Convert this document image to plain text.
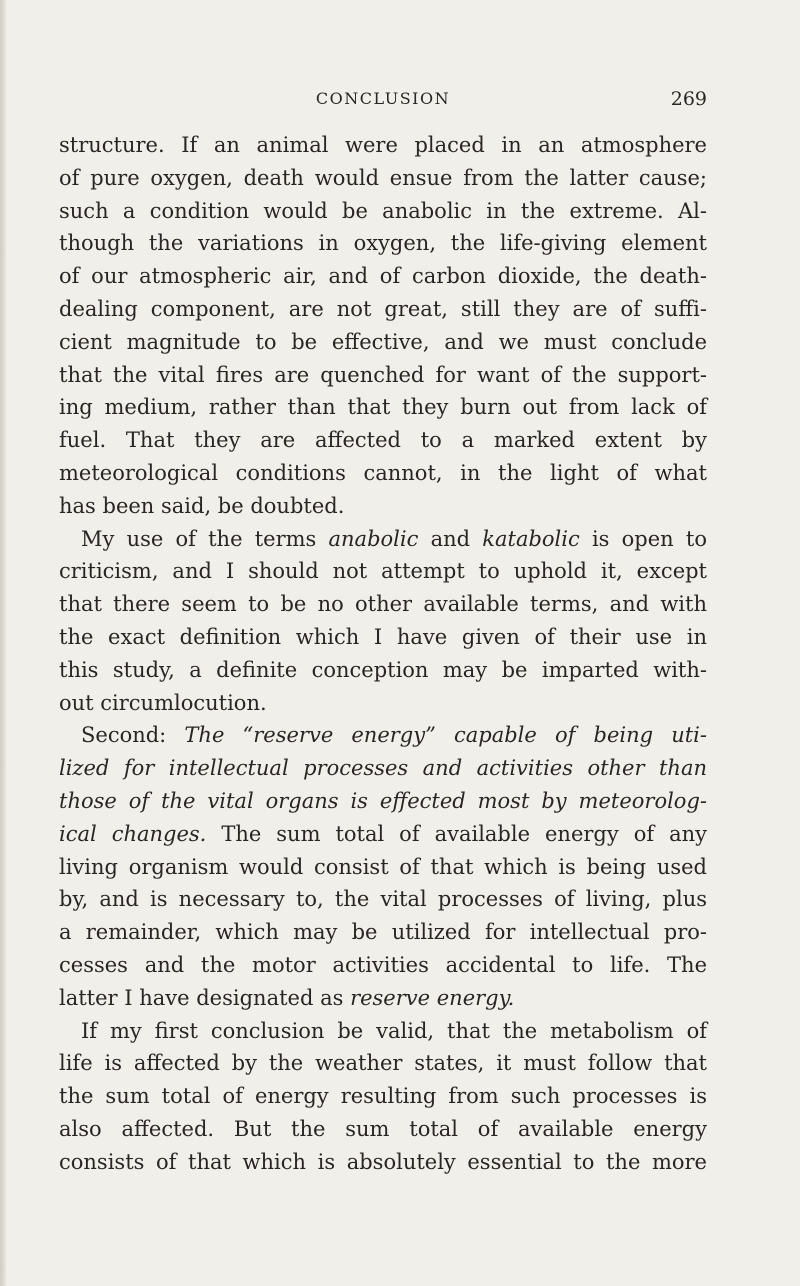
CONCLUSION	269
structure. If an animal were placed in an atmosphere
of pure oxygen, death would ensue from the latter cause;
such a condition would be anabolic in the extreme. Al-
though the variations in oxygen, the life-giving element
of our atmospheric air, and of carbon dioxide, the death-
dealing component, are not great, still they are of suffi-
cient magnitude to be effective, and we must conclude
that the vital fires are quenched for want of the support-
ing medium, rather than that they burn out from lack of
fuel. That they are affected to a marked extent by
meteorological conditions cannot, in the light of what
has been said, be doubted.
My use of the terms anabolic and katabolic is open to
criticism, and I should not attempt to uphold it, except
that there seem to be no other available terms, and with
the exact definition which I have given of their use in
this study, a definite conception may be imparted with-
out circumlocution.
Second: The “reserve energy” capable of being uti-
lized for intellectual processes and activities other than
those of the vital organs is effected most by meteorolog-
ical changes. The sum total of available energy of any
living organism would consist of that which is being used
by, and is necessary to, the vital processes of living, plus
a remainder, which may be utilized for intellectual pro-
cesses and the motor activities accidental to life. The
latter I have designated as reserve energy.
If my first conclusion be valid, that the metabolism of
life is affected by the weather states, it must follow that
the sum total of energy resulting from such processes is
also affected. But the sum total of available energy
consists of that which is absolutely essential to the more
